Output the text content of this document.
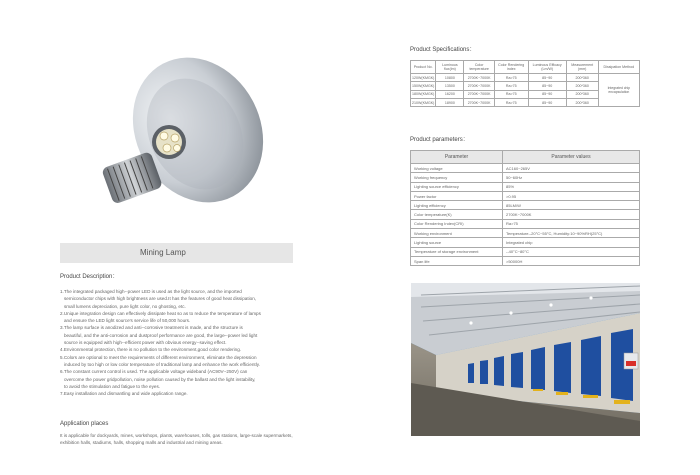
Mining Lamp
Product Description：
1.The integrated packaged high--power LED is used as the light source, and the imported
semiconductor chips with high brightness are used.It has the features of good heat dissipation,
small lumens depreciation, pure light color, no ghosting, etc.
2.Unique integration design can effectively dissipate heat so as to reduce the temperature of lamps
and ensure the LED light source's service life of 50,000 hours.
3.The lamp surface is anodized and anti--corrosive treatment is made, and the structure is
beautiful, and the anti-corrosion and dustproof performance are good, the large--power led light
source is equipped with high--efficient power with obvious energy--saving effect.
4.Environmental protection, there is no pollution to the environment,good color rendering.
5.Colors are optional to meet the requirements of different environment, eliminate the depression
induced by too high or low color temperature of traditional lamp and enhance the work efficiently.
6.The constant current control is used. The applicable voltage wideband (AC90V--250V) can
overcome the power gridpollution, noise pollution caused by the ballast and the light instability,
to avoid the stimulation and fatigue to the eyes.
7.Easy installation and dismantling and wide application range.
Application places
It is applicable for dockyards, mines, workshops, plants, warehouses, tolls, gas stations, large-scale supermarkets, exhibition halls, stadiums, halls, shopping malls and industrial and mining areas.
Product Specifications：
Product No.	Luminous flux(lm)	Color temperature	Color Rendering index	Luminous Efficacy (Lm/W)	Measurement (mm)	Dissipation Method
120W(KMGK)	10800	2700K~7000K	Ra>75	85~90	200*360	Integrated chip encapsulation
150W(KMGK)	13500	2700K~7000K	Ra>75	85~90	200*360	
180W(KMGK)	16200	2700K~7000K	Ra>75	85~90	200*360	
210W(KMGK)	18900	2700K~7000K	Ra>75	85~90	200*360	
Product parameters：
Parameter	Parameter values
Working voltage	AC160~265V
Working frequency	50~60Hz
Lighting source efficiency	85%
Power factor	>0.95
Lighting efficiency	85LM/W
Color temperature(K)	2700K~7000K
Color Rendering Index(CRI)	Ra>75
Working environment	Temperature--20°C~55°C, Humidity:10~90%RH(25°C)
Lighting source	Integrated chip
Temperature of storage environment	--40°C~80°C
Span life	>50000H
